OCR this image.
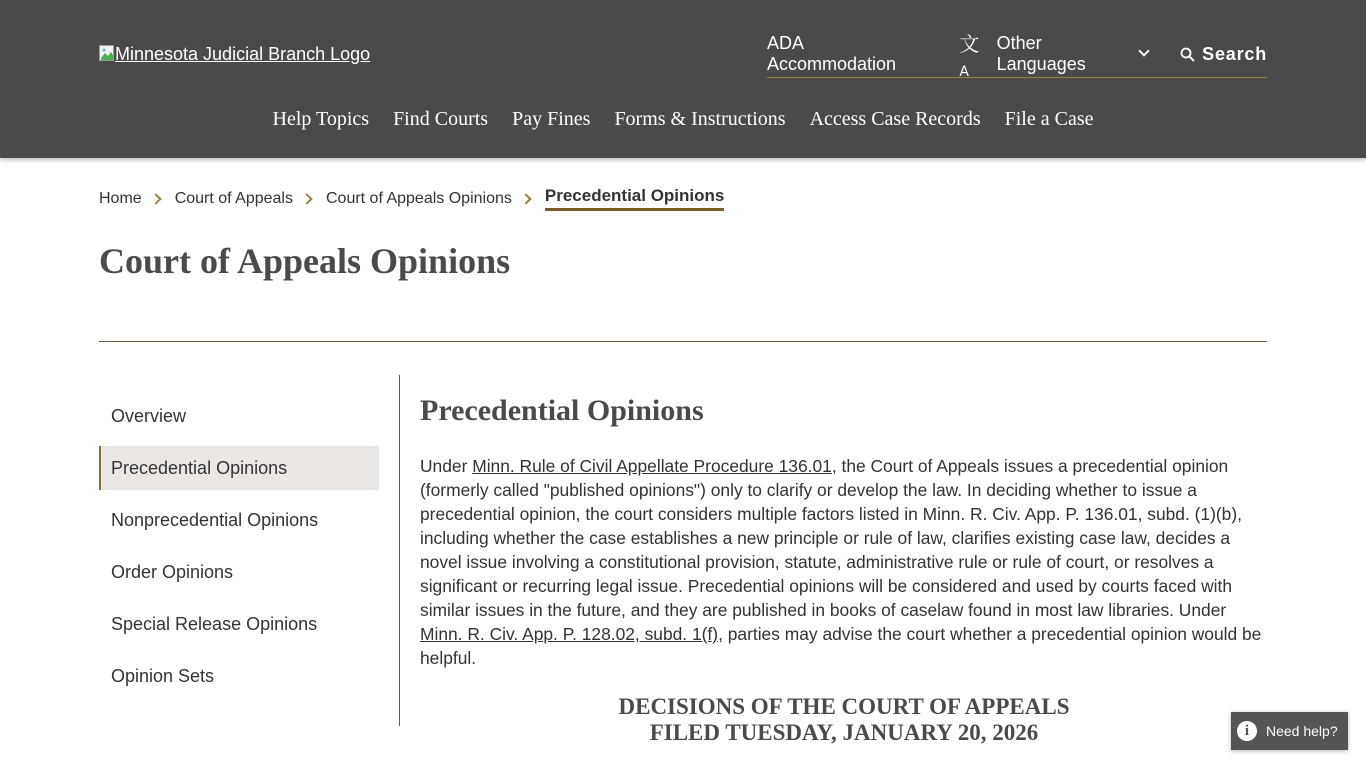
Minnesota Judicial Branch Logo
ADA Accommodation
文A
Other Languages
Search
Help Topics Find Courts Pay Fines Forms & Instructions Access Case Records File a Case
Home Court of Appeals Court of Appeals Opinions Precedential Opinions
Court of Appeals Opinions
Overview
Precedential Opinions
Nonprecedential Opinions
Order Opinions
Special Release Opinions
Opinion Sets
Precedential Opinions

Under Minn. Rule of Civil Appellate Procedure 136.01, the Court of Appeals issues a precedential opinion (formerly called "published opinions") only to clarify or develop the law. In deciding whether to issue a precedential opinion, the court considers multiple factors listed in Minn. R. Civ. App. P. 136.01, subd. (1)(b), including whether the case establishes a new principle or rule of law, clarifies existing case law, decides a novel issue involving a constitutional provision, statute, administrative rule or rule of court, or resolves a significant or recurring legal issue. Precedential opinions will be considered and used by courts faced with similar issues in the future, and they are published in books of caselaw found in most law libraries. Under Minn. R. Civ. App. P. 128.02, subd. 1(f), parties may advise the court whether a precedential opinion would be helpful.

DECISIONS OF THE COURT OF APPEALS
FILED TUESDAY, JANUARY 20, 2026	i	Need help?
